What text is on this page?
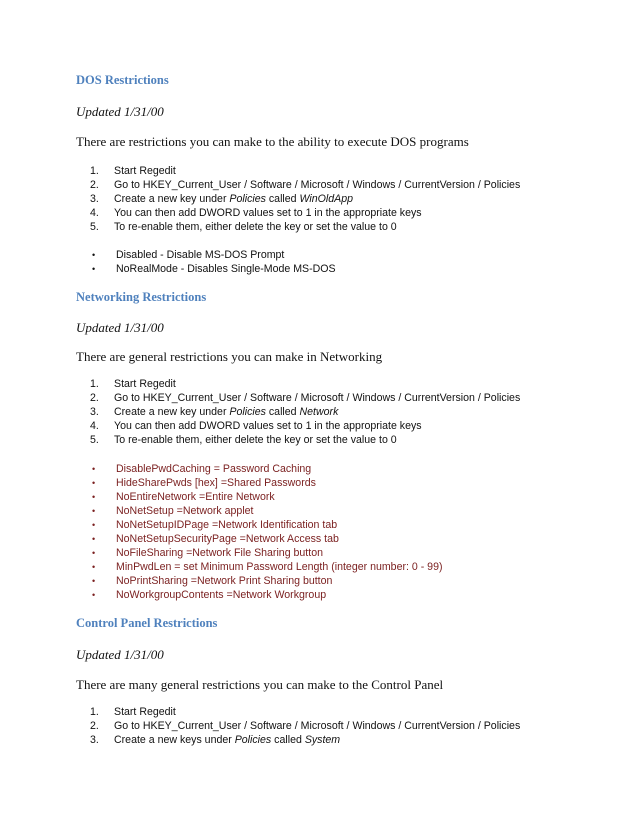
DOS Restrictions
Updated 1/31/00
There are restrictions you can make to the ability to execute DOS programs
1. Start Regedit
2. Go to HKEY_Current_User / Software / Microsoft / Windows / CurrentVersion / Policies
3. Create a new key under Policies called WinOldApp
4. You can then add DWORD values set to 1 in the appropriate keys
5. To re-enable them, either delete the key or set the value to 0
• Disabled - Disable MS-DOS Prompt
• NoRealMode - Disables Single-Mode MS-DOS
Networking Restrictions
Updated 1/31/00
There are general restrictions you can make in Networking
1. Start Regedit
2. Go to HKEY_Current_User / Software / Microsoft / Windows / CurrentVersion / Policies
3. Create a new key under Policies called Network
4. You can then add DWORD values set to 1 in the appropriate keys
5. To re-enable them, either delete the key or set the value to 0
• DisablePwdCaching = Password Caching
• HideSharePwds [hex] =Shared Passwords
• NoEntireNetwork =Entire Network
• NoNetSetup =Network applet
• NoNetSetupIDPage =Network Identification tab
• NoNetSetupSecurityPage =Network Access tab
• NoFileSharing =Network File Sharing button
• MinPwdLen = set Minimum Password Length (integer number: 0 - 99)
• NoPrintSharing =Network Print Sharing button
• NoWorkgroupContents =Network Workgroup
Control Panel Restrictions
Updated 1/31/00
There are many general restrictions you can make to the Control Panel
1. Start Regedit
2. Go to HKEY_Current_User / Software / Microsoft / Windows / CurrentVersion / Policies
3. Create a new keys under Policies called System
